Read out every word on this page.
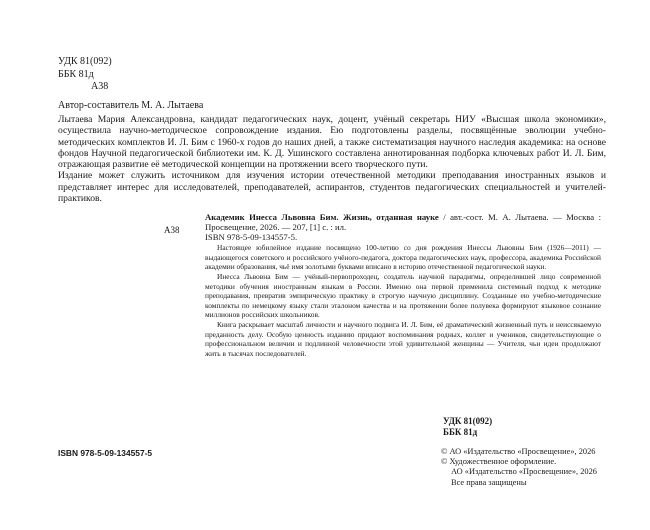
УДК 81(092)
ББК 81д
А38
Автор-составитель М. А. Лытаева

Лытаева Мария Александровна, кандидат педагогических наук, доцент, учёный секретарь НИУ «Высшая школа экономики», осуществила научно-методическое сопровождение издания. Ею подготовлены разделы, посвящённые эволюции учебно-методических комплектов И. Л. Бим с 1960-х годов до наших дней, а также систематизация научного наследия академика: на основе фондов Научной педагогической библиотеки им. К. Д. Ушинского составлена аннотированная подборка ключевых работ И. Л. Бим, отражающая развитие её методической концепции на протяжении всего творческого пути.

Издание может служить источником для изучения истории отечественной методики преподавания иностранных языков и представляет интерес для исследователей, преподавателей, аспирантов, студентов педагогических специальностей и учителей-практиков.

А38
Академик Инесса Львовна Бим. Жизнь, отданная науке / авт.-сост. М. А. Лытаева. — Москва : Просвещение, 2026. — 207, [1] с. : ил.
ISBN 978-5-09-134557-5.

Настоящее юбилейное издание посвящено 100-летию со дня рождения Инессы Львовны Бим (1926—2011) — выдающегося советского и российского учёного-педагога, доктора педагогических наук, профессора, академика Российской академии образования, чьё имя золотыми буквами вписано в историю отечественной педагогической науки.

Инесса Львовна Бим — учёный-первопроходец, создатель научной парадигмы, определившей лицо современной методики обучения иностранным языкам в России. Именно она первой применила системный подход к методике преподавания, превратив эмпирическую практику в строгую научную дисциплину. Созданные ею учебно-методические комплекты по немецкому языку стали эталоном качества и на протяжении более полувека формируют языковое сознание миллионов российских школьников.

Книга раскрывает масштаб личности и научного подвига И. Л. Бим, её драматический жизненный путь и неиссякаемую преданность делу. Особую ценность изданию придают воспоминания родных, коллег и учеников, свидетельствующие о профессиональном величии и подлинной человечности этой удивительной женщины — Учителя, чьи идеи продолжают жить в тысячах последователей.

УДК 81(092)
ББК 81д
ISBN 978-5-09-134557-5	© АО «Издательство «Просвещение», 2026
© Художественное оформление.
АО «Издательство «Просвещение», 2026
Все права защищены
